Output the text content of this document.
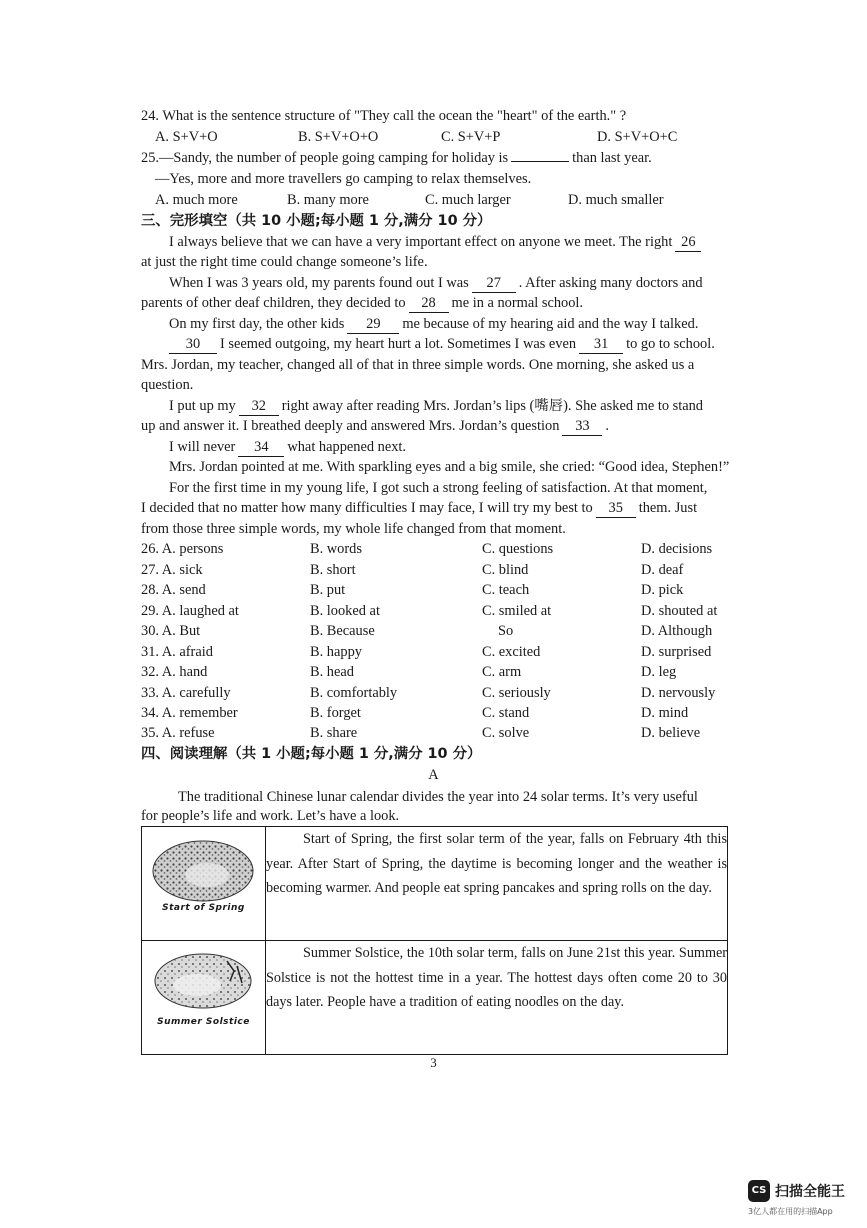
24. What is the sentence structure of "They call the ocean the "heart" of the earth." ?
A. S+V+O	B. S+V+O+O	C. S+V+P	D. S+V+O+C
25.—Sandy, the number of people going camping for holiday is	than last year.
—Yes, more and more travellers go camping to relax themselves.
A. much more	B. many more	C. much larger	D. much smaller
三、完形填空（共 10 小题;每小题 1 分,满分 10 分）
I always believe that we can have a very important effect on anyone we meet. The right 26
at just the right time could change someone’s life.
When I was 3 years old, my parents found out I was 27 . After asking many doctors and
parents of other deaf children, they decided to 28 me in a normal school.
On my first day, the other kids 29 me because of my hearing aid and the way I talked.
30 I seemed outgoing, my heart hurt a lot. Sometimes I was even 31 to go to school.
Mrs. Jordan, my teacher, changed all of that in three simple words. One morning, she asked us a
question.
I put up my 32 right away after reading Mrs. Jordan’s lips (嘴唇). She asked me to stand
up and answer it. I breathed deeply and answered Mrs. Jordan’s question 33 .
I will never 34 what happened next.
Mrs. Jordan pointed at me. With sparkling eyes and a big smile, she cried: “Good idea, Stephen!”
For the first time in my young life, I got such a strong feeling of satisfaction. At that moment,
I decided that no matter how many difficulties I may face, I will try my best to 35 them. Just
from those three simple words, my whole life changed from that moment.
26. A. persons	B. words	C. questions	D. decisions
27. A. sick	B. short	C. blind	D. deaf
28. A. send	B. put	C. teach	D. pick
29. A. laughed at	B. looked at	C. smiled at	D. shouted at
30. A. But	B. Because	So	D. Although
31. A. afraid	B. happy	C. excited	D. surprised
32. A. hand	B. head	C. arm	D. leg
33. A. carefully	B. comfortably	C. seriously	D. nervously
34. A. remember	B. forget	C. stand	D. mind
35. A. refuse	B. share	C. solve	D. believe
四、阅读理解（共 1 小题;每小题 1 分,满分 10 分）
A
The traditional Chinese lunar calendar divides the year into 24 solar terms. It’s very useful
for people’s life and work. Let’s have a look.
Start of Spring	Start of Spring, the first solar term of the year, falls on February 4th this year. After Start of Spring, the daytime is becoming longer and the weather is becoming warmer. And people eat spring pancakes and spring rolls on the day.

Summer Solstice	Summer Solstice, the 10th solar term, falls on June 21st this year. Summer Solstice is not the hottest time in a year. The hottest days often come 20 to 30 days later. People have a tradition of eating noodles on the day.

3
CS 扫描全能王
3亿人都在用的扫描App
